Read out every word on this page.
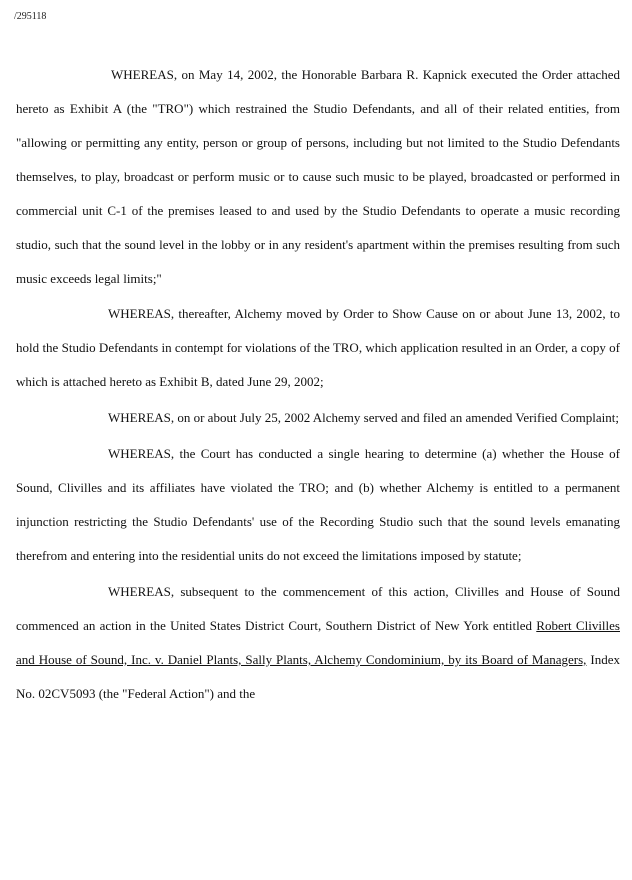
/295118

WHEREAS, on May 14, 2002, the Honorable Barbara R. Kapnick executed the Order attached hereto as Exhibit A (the "TRO") which restrained the Studio Defendants, and all of their related entities, from "allowing or permitting any entity, person or group of persons, including but not limited to the Studio Defendants themselves, to play, broadcast or perform music or to cause such music to be played, broadcasted or performed in commercial unit C-1 of the premises leased to and used by the Studio Defendants to operate a music recording studio, such that the sound level in the lobby or in any resident's apartment within the premises resulting from such music exceeds legal limits;"

WHEREAS, thereafter, Alchemy moved by Order to Show Cause on or about June 13, 2002, to hold the Studio Defendants in contempt for violations of the TRO, which application resulted in an Order, a copy of which is attached hereto as Exhibit B, dated June 29, 2002;

WHEREAS, on or about July 25, 2002 Alchemy served and filed an amended Verified Complaint;

WHEREAS, the Court has conducted a single hearing to determine (a) whether the House of Sound, Clivilles and its affiliates have violated the TRO; and (b) whether Alchemy is entitled to a permanent injunction restricting the Studio Defendants' use of the Recording Studio such that the sound levels emanating therefrom and entering into the residential units do not exceed the limitations imposed by statute;

WHEREAS, subsequent to the commencement of this action, Clivilles and House of Sound commenced an action in the United States District Court, Southern District of New York entitled Robert Clivilles and House of Sound, Inc. v. Daniel Plants, Sally Plants, Alchemy Condominium, by its Board of Managers, Index No. 02CV5093 (the "Federal Action") and the
